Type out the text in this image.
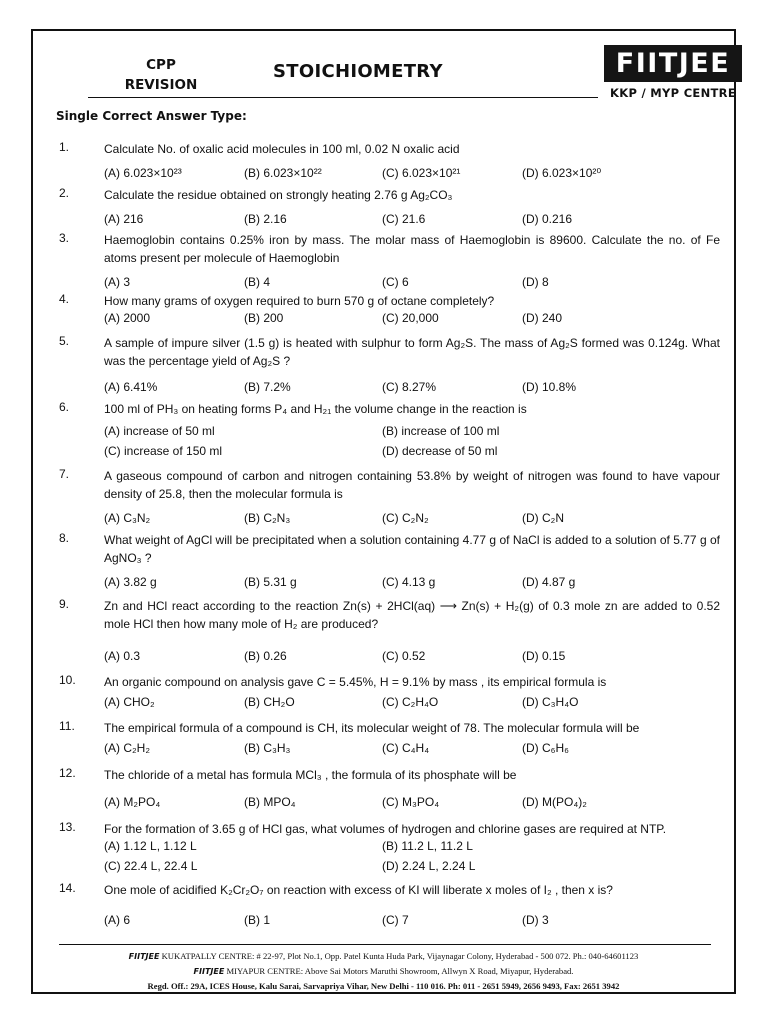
CPP
REVISION
STOICHIOMETRY	FIITJEE
KKP / MYP CENTRE
Single Correct Answer Type:
1.	Calculate No. of oxalic acid molecules in 100 ml, 0.02 N oxalic acid
(A) 6.023×10²³	(B) 6.023×10²²	(C) 6.023×10²¹	(D) 6.023×10²⁰
2.	Calculate the residue obtained on strongly heating 2.76 g Ag₂CO₃
(A) 216	(B) 2.16	(C) 21.6	(D) 0.216
3.	Haemoglobin contains 0.25% iron by mass. The molar mass of Haemoglobin is 89600. Calculate the no. of Fe atoms present per molecule of Haemoglobin
(A) 3	(B) 4	(C) 6	(D) 8
4.	How many grams of oxygen required to burn 570 g of octane completely?
(A) 2000	(B) 200	(C) 20,000	(D) 240
5.	A sample of impure silver (1.5 g) is heated with sulphur to form Ag₂S. The mass of Ag₂S formed was 0.124g. What was the percentage yield of Ag₂S ?
(A) 6.41%	(B) 7.2%	(C) 8.27%	(D) 10.8%
6.	100 ml of PH₃ on heating forms P₄ and H₂₁ the volume change in the reaction is
(A) increase of 50 ml	(B) increase of 100 ml
(C) increase of 150 ml	(D) decrease of 50 ml
7.	A gaseous compound of carbon and nitrogen containing 53.8% by weight of nitrogen was found to have vapour density of 25.8, then the molecular formula is
(A) C₃N₂	(B) C₂N₃	(C) C₂N₂	(D) C₂N
8.	What weight of AgCl will be precipitated when a solution containing 4.77 g of NaCl is added to a solution of 5.77 g of AgNO₃ ?
(A) 3.82 g	(B) 5.31 g	(C) 4.13 g	(D) 4.87 g
9.	Zn and HCl react according to the reaction Zn(s) + 2HCl(aq) ⟶ Zn(s) + H₂(g) of 0.3 mole zn are added to 0.52 mole HCl then how many mole of H₂ are produced?
(A) 0.3	(B) 0.26	(C) 0.52	(D) 0.15
10. An organic compound on analysis gave C = 5.45%, H = 9.1% by mass , its empirical formula is
(A) CHO₂	(B) CH₂O	(C) C₂H₄O	(D) C₃H₄O
11. The empirical formula of a compound is CH, its molecular weight of 78. The molecular formula will be
(A) C₂H₂	(B) C₃H₃	(C) C₄H₄	(D) C₆H₆
12. The chloride of a metal has formula MCl₃ , the formula of its phosphate will be
(A) M₂PO₄	(B) MPO₄	(C) M₃PO₄	(D) M(PO₄)₂
13. For the formation of 3.65 g of HCl gas, what volumes of hydrogen and chlorine gases are required at NTP.
(A) 1.12 L, 1.12 L	(B) 11.2 L, 11.2 L
(C) 22.4 L, 22.4 L	(D) 2.24 L, 2.24 L
14. One mole of acidified K₂Cr₂O₇ on reaction with excess of KI will liberate x moles of I₂ , then x is?
(A) 6	(B) 1	(C) 7	(D) 3
FIITJEE KUKATPALLY CENTRE: # 22-97, Plot No.1, Opp. Patel Kunta Huda Park, Vijaynagar Colony, Hyderabad - 500 072. Ph.: 040-64601123
FIITJEE MIYAPUR CENTRE: Above Sai Motors Maruthi Showroom, Allwyn X Road, Miyapur, Hyderabad.
Regd. Off.: 29A, ICES House, Kalu Sarai, Sarvapriya Vihar, New Delhi - 110 016. Ph: 011 - 2651 5949, 2656 9493, Fax: 2651 3942
